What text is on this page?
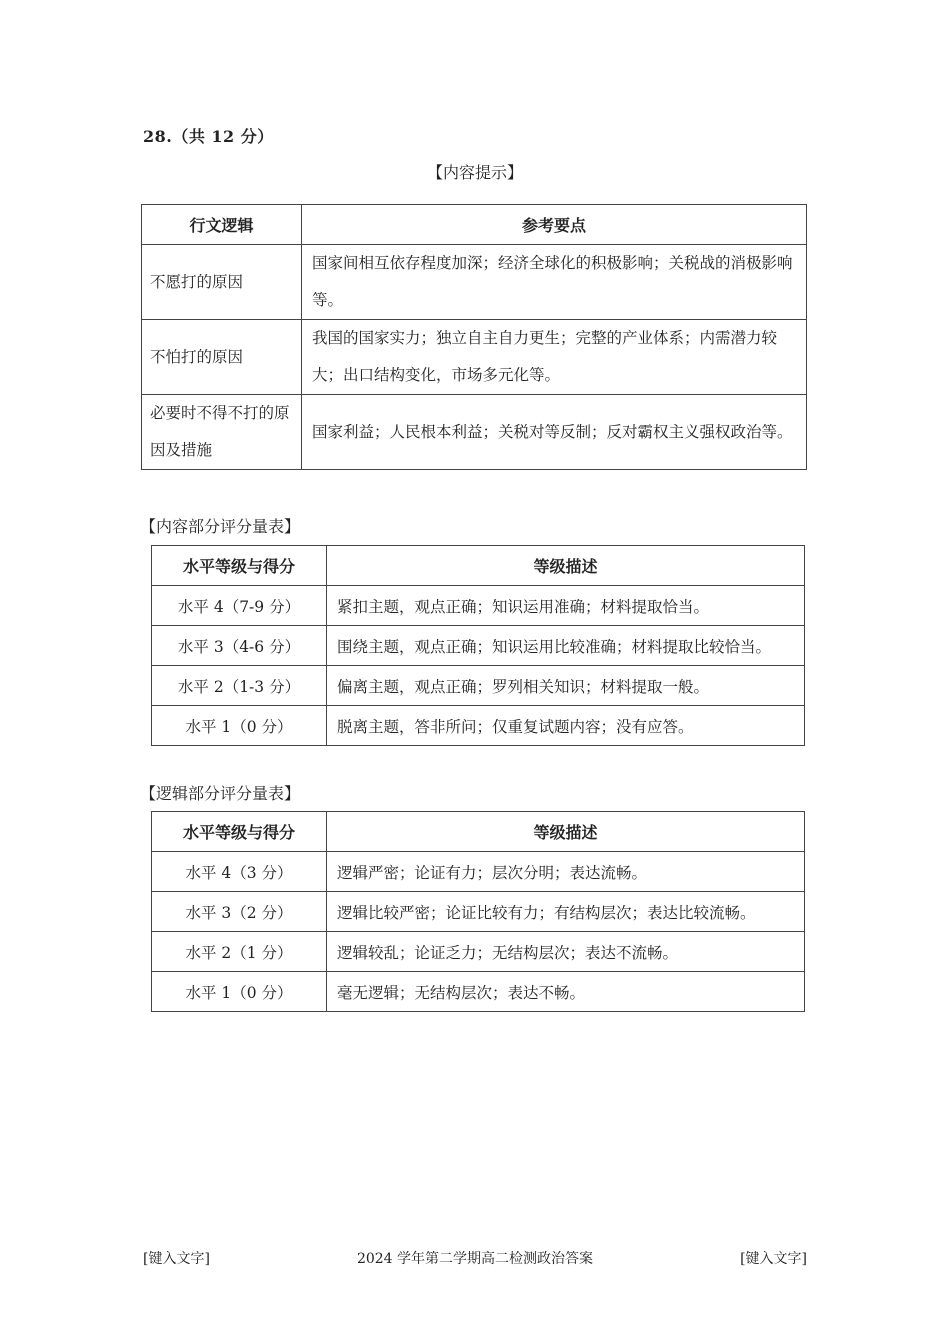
28.（共 12 分）
【内容提示】
行文逻辑	参考要点
不愿打的原因	国家间相互依存程度加深；经济全球化的积极影响；关税战的消极影响等。
不怕打的原因	我国的国家实力；独立自主自力更生；完整的产业体系；内需潜力较大；出口结构变化，市场多元化等。
必要时不得不打的原因及措施	国家利益；人民根本利益；关税对等反制；反对霸权主义强权政治等。
【内容部分评分量表】
水平等级与得分	等级描述
水平 4（7-9 分）	紧扣主题，观点正确；知识运用准确；材料提取恰当。
水平 3（4-6 分）	围绕主题，观点正确；知识运用比较准确；材料提取比较恰当。
水平 2（1-3 分）	偏离主题，观点正确；罗列相关知识；材料提取一般。
水平 1（0 分）	脱离主题，答非所问；仅重复试题内容；没有应答。
【逻辑部分评分量表】
水平等级与得分	等级描述
水平 4（3 分）	逻辑严密；论证有力；层次分明；表达流畅。
水平 3（2 分）	逻辑比较严密；论证比较有力；有结构层次；表达比较流畅。
水平 2（1 分）	逻辑较乱；论证乏力；无结构层次；表达不流畅。
水平 1（0 分）	毫无逻辑；无结构层次；表达不畅。
[键入文字]	2024 学年第二学期高二检测政治答案	[键入文字]
